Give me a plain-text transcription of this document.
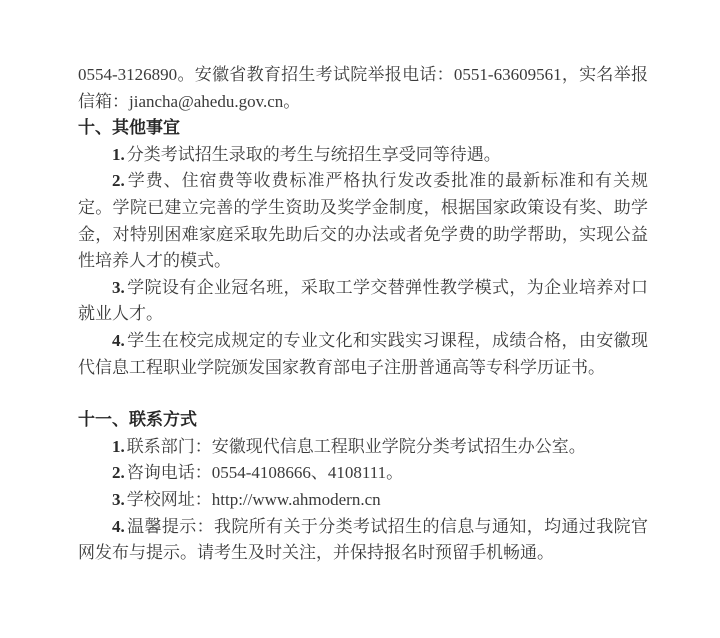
0554-3126890。安徽省教育招生考试院举报电话：0551-63609561，实名举报信箱：jiancha@ahedu.gov.cn。

十、其他事宜

1. 分类考试招生录取的考生与统招生享受同等待遇。

2. 学费、住宿费等收费标准严格执行发改委批准的最新标准和有关规定。学院已建立完善的学生资助及奖学金制度，根据国家政策设有奖、助学金，对特别困难家庭采取先助后交的办法或者免学费的助学帮助，实现公益性培养人才的模式。

3. 学院设有企业冠名班，采取工学交替弹性教学模式，为企业培养对口就业人才。

4. 学生在校完成规定的专业文化和实践实习课程，成绩合格，由安徽现代信息工程职业学院颁发国家教育部电子注册普通高等专科学历证书。

十一、联系方式

1. 联系部门：安徽现代信息工程职业学院分类考试招生办公室。

2. 咨询电话：0554-4108666、4108111。

3. 学校网址：http://www.ahmodern.cn

4. 温馨提示：我院所有关于分类考试招生的信息与通知，均通过我院官网发布与提示。请考生及时关注，并保持报名时预留手机畅通。
